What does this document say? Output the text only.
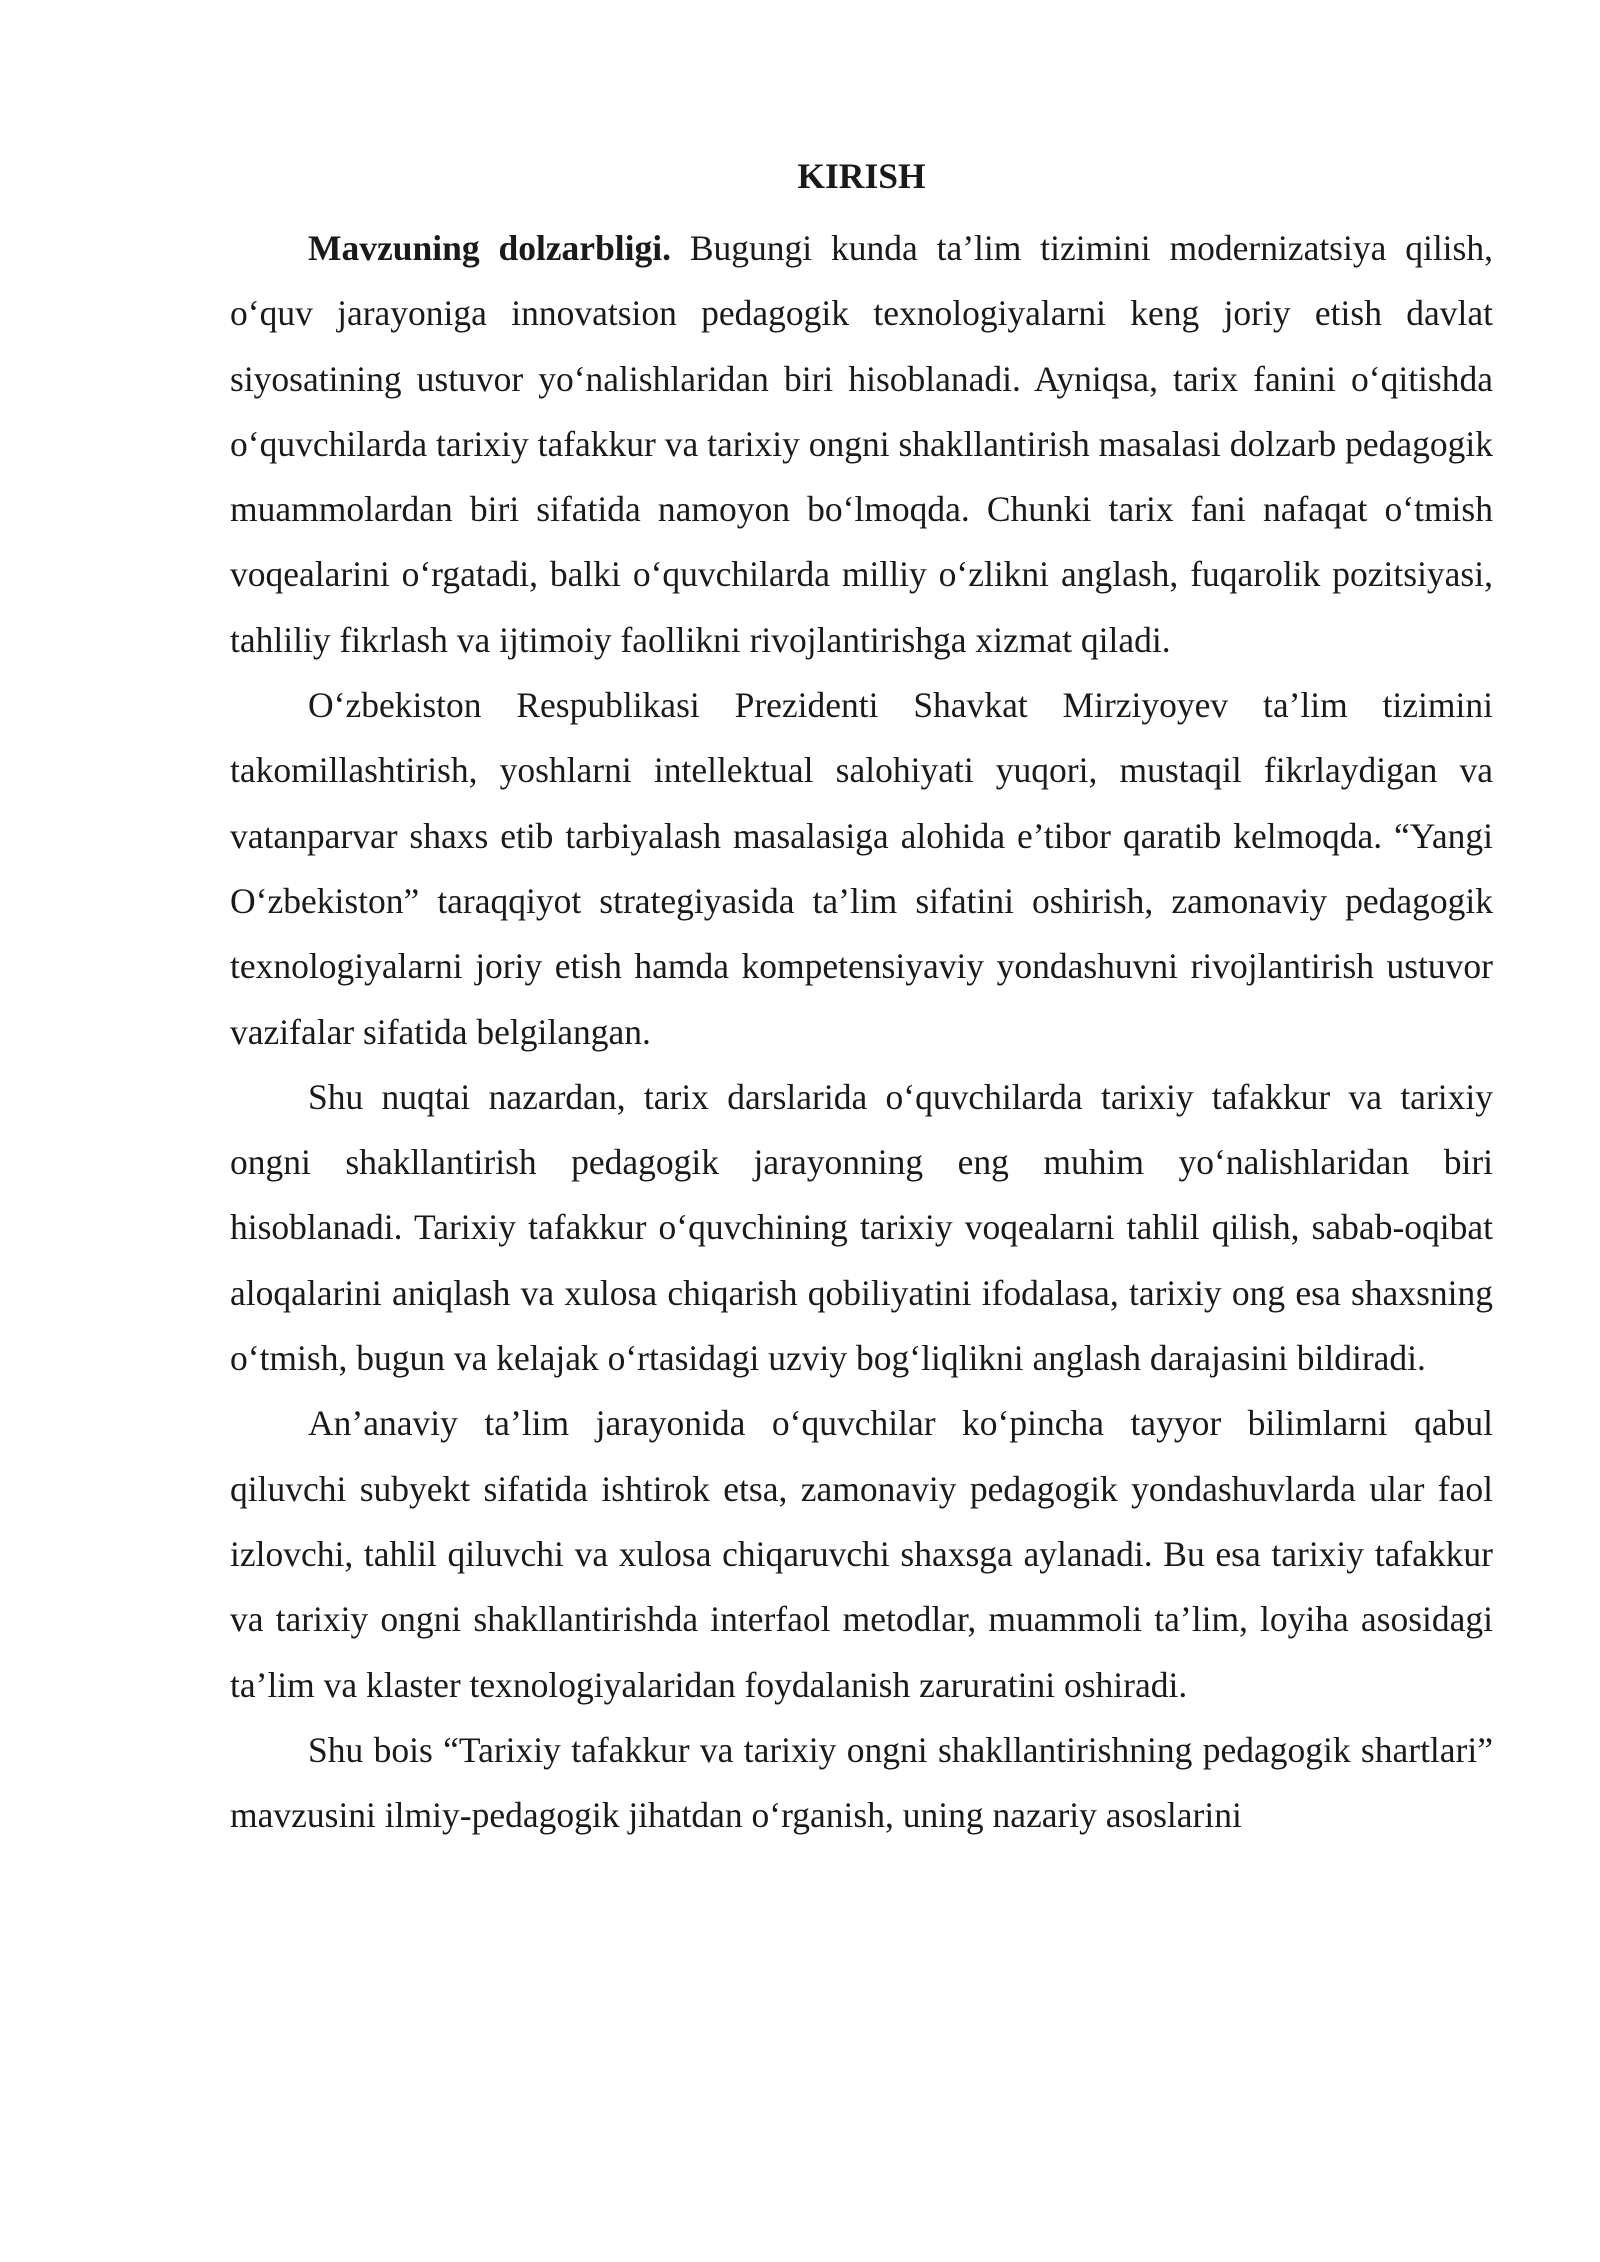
KIRISH

Mavzuning dolzarbligi. Bugungi kunda ta’lim tizimini modernizatsiya qilish, o‘quv jarayoniga innovatsion pedagogik texnologiyalarni keng joriy etish davlat siyosatining ustuvor yo‘nalishlaridan biri hisoblanadi. Ayniqsa, tarix fanini o‘qitishda o‘quvchilarda tarixiy tafakkur va tarixiy ongni shakllantirish masalasi dolzarb pedagogik muammolardan biri sifatida namoyon bo‘lmoqda. Chunki tarix fani nafaqat o‘tmish voqealarini o‘rgatadi, balki o‘quvchilarda milliy o‘zlikni anglash, fuqarolik pozitsiyasi, tahliliy fikrlash va ijtimoiy faollikni rivojlantirishga xizmat qiladi.

O‘zbekiston Respublikasi Prezidenti Shavkat Mirziyoyev ta’lim tizimini takomillashtirish, yoshlarni intellektual salohiyati yuqori, mustaqil fikrlaydigan va vatanparvar shaxs etib tarbiyalash masalasiga alohida e’tibor qaratib kelmoqda. “Yangi O‘zbekiston” taraqqiyot strategiyasida ta’lim sifatini oshirish, zamonaviy pedagogik texnologiyalarni joriy etish hamda kompetensiyaviy yondashuvni rivojlantirish ustuvor vazifalar sifatida belgilangan.

Shu nuqtai nazardan, tarix darslarida o‘quvchilarda tarixiy tafakkur va tarixiy ongni shakllantirish pedagogik jarayonning eng muhim yo‘nalishlaridan biri hisoblanadi. Tarixiy tafakkur o‘quvchining tarixiy voqealarni tahlil qilish, sabab-oqibat aloqalarini aniqlash va xulosa chiqarish qobiliyatini ifodalasa, tarixiy ong esa shaxsning o‘tmish, bugun va kelajak o‘rtasidagi uzviy bog‘liqlikni anglash darajasini bildiradi.

An’anaviy ta’lim jarayonida o‘quvchilar ko‘pincha tayyor bilimlarni qabul qiluvchi subyekt sifatida ishtirok etsa, zamonaviy pedagogik yondashuvlarda ular faol izlovchi, tahlil qiluvchi va xulosa chiqaruvchi shaxsga aylanadi. Bu esa tarixiy tafakkur va tarixiy ongni shakllantirishda interfaol metodlar, muammoli ta’lim, loyiha asosidagi ta’lim va klaster texnologiyalaridan foydalanish zaruratini oshiradi.

Shu bois “Tarixiy tafakkur va tarixiy ongni shakllantirishning pedagogik shartlari” mavzusini ilmiy-pedagogik jihatdan o‘rganish, uning nazariy asoslarini
